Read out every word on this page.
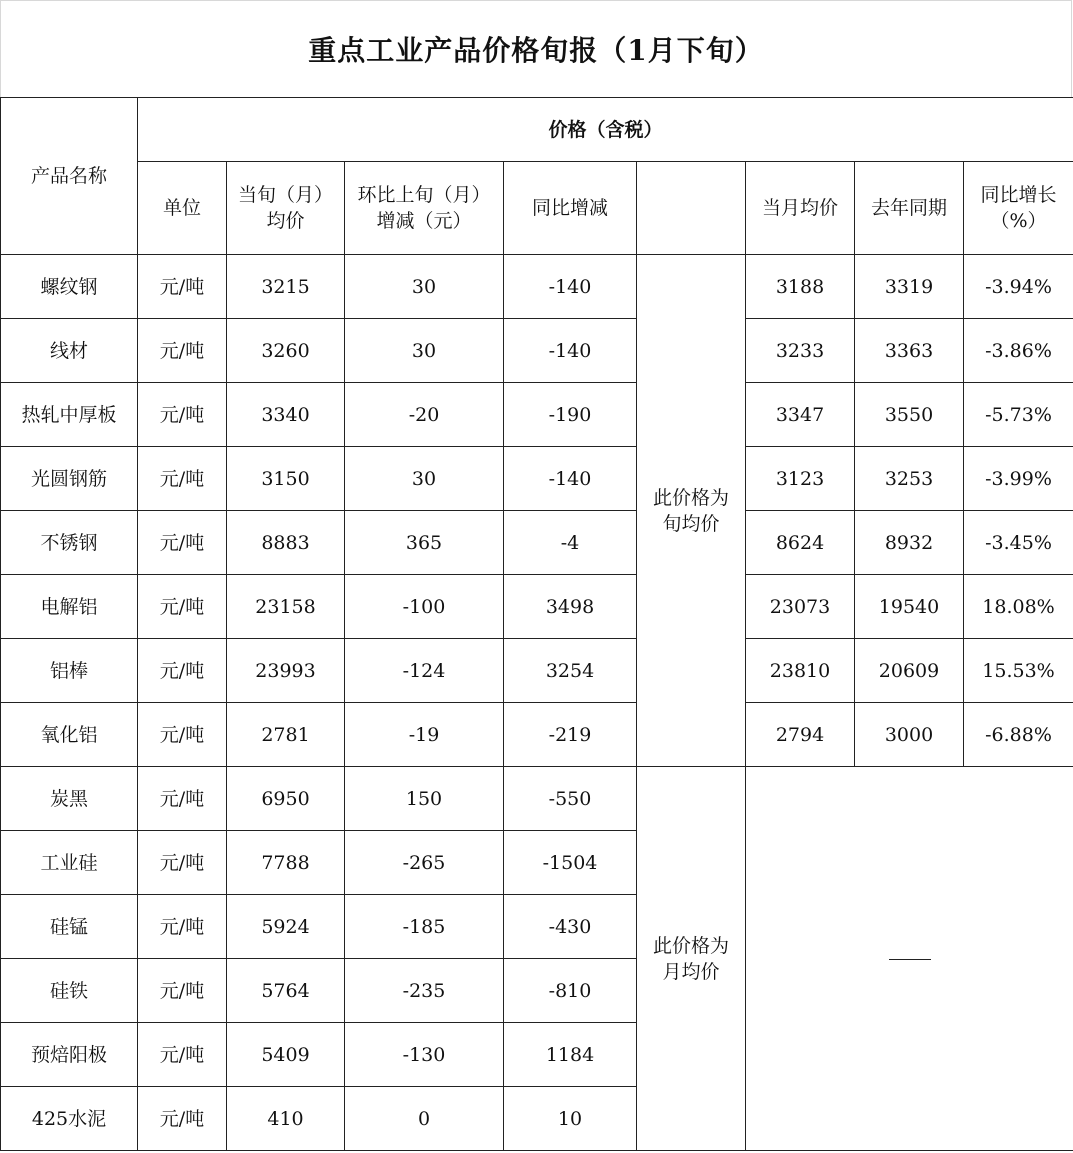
重点工业产品价格旬报（1月下旬）
产品名称	价格（含税）							
	单位	当旬（月）均价	环比上旬（月）增减（元）	同比增减		当月均价	去年同期	同比增长（%）
螺纹钢	元/吨	3215	30	-140	此价格为旬均价	3188	3319	-3.94%
线材	元/吨	3260	30	-140		3233	3363	-3.86%
热轧中厚板	元/吨	3340	-20	-190		3347	3550	-5.73%
光圆钢筋	元/吨	3150	30	-140		3123	3253	-3.99%
不锈钢	元/吨	8883	365	-4		8624	8932	-3.45%
电解铝	元/吨	23158	-100	3498		23073	19540	18.08%
铝棒	元/吨	23993	-124	3254		23810	20609	15.53%
氧化铝	元/吨	2781	-19	-219		2794	3000	-6.88%
炭黑	元/吨	6950	150	-550	此价格为月均价	

工业硅	元/吨	7788	-265	-1504				
硅锰	元/吨	5924	-185	-430				
硅铁	元/吨	5764	-235	-810				
预焙阳极	元/吨	5409	-130	1184				
425水泥	元/吨	410	0	10				
